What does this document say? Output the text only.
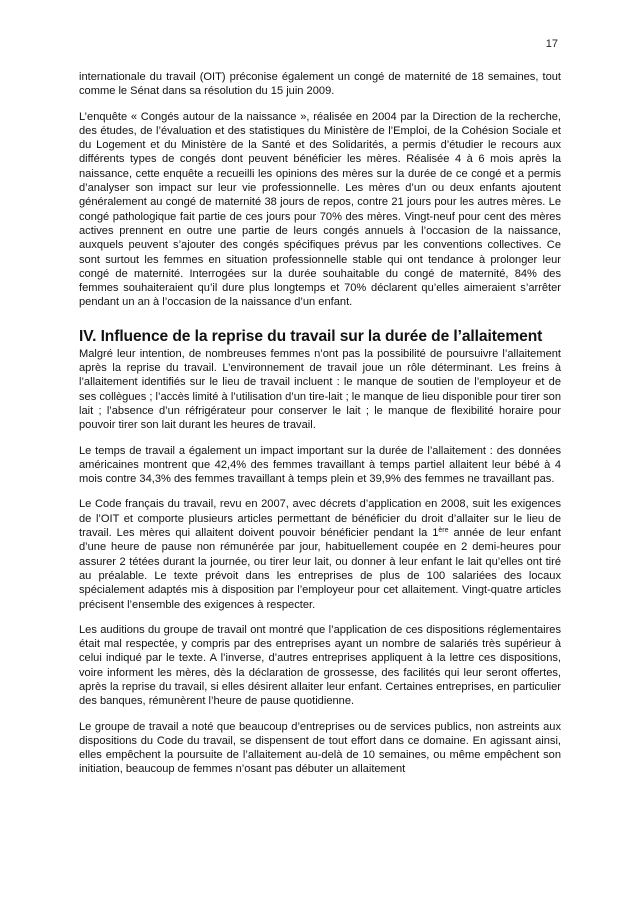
17

internationale du travail (OIT) préconise également un congé de maternité de 18 semaines, tout comme le Sénat dans sa résolution du 15 juin 2009.

L’enquête « Congés autour de la naissance », réalisée en 2004 par la Direction de la recherche, des études, de l’évaluation et des statistiques du Ministère de l’Emploi, de la Cohésion Sociale et du Logement et du Ministère de la Santé et des Solidarités, a permis d’étudier le recours aux différents types de congés dont peuvent bénéficier les mères. Réalisée 4 à 6 mois après la naissance, cette enquête a recueilli les opinions des mères sur la durée de ce congé et a permis d’analyser son impact sur leur vie professionnelle. Les mères d’un ou deux enfants ajoutent généralement au congé de maternité 38 jours de repos, contre 21 jours pour les autres mères. Le congé pathologique fait partie de ces jours pour 70% des mères. Vingt-neuf pour cent des mères actives prennent en outre une partie de leurs congés annuels à l’occasion de la naissance, auxquels peuvent s’ajouter des congés spécifiques prévus par les conventions collectives. Ce sont surtout les femmes en situation professionnelle stable qui ont tendance à prolonger leur congé de maternité. Interrogées sur la durée souhaitable du congé de maternité, 84% des femmes souhaiteraient qu’il dure plus longtemps et 70% déclarent qu’elles aimeraient s’arrêter pendant un an à l’occasion de la naissance d’un enfant.

IV. Influence de la reprise du travail sur la durée de l’allaitement

Malgré leur intention, de nombreuses femmes n’ont pas la possibilité de poursuivre l’allaitement après la reprise du travail. L’environnement de travail joue un rôle déterminant. Les freins à l’allaitement identifiés sur le lieu de travail incluent : le manque de soutien de l’employeur et de ses collègues ; l’accès limité à l’utilisation d’un tire-lait ; le manque de lieu disponible pour tirer son lait ; l’absence d’un réfrigérateur pour conserver le lait ; le manque de flexibilité horaire pour pouvoir tirer son lait durant les heures de travail.

Le temps de travail a également un impact important sur la durée de l’allaitement : des données américaines montrent que 42,4% des femmes travaillant à temps partiel allaitent leur bébé à 4 mois contre 34,3% des femmes travaillant à temps plein et 39,9% des femmes ne travaillant pas.

Le Code français du travail, revu en 2007, avec décrets d’application en 2008, suit les exigences de l’OIT et comporte plusieurs articles permettant de bénéficier du droit d’allaiter sur le lieu de travail. Les mères qui allaitent doivent pouvoir bénéficier pendant la 1ère année de leur enfant d’une heure de pause non rémunérée par jour, habituellement coupée en 2 demi-heures pour assurer 2 tétées durant la journée, ou tirer leur lait, ou donner à leur enfant le lait qu’elles ont tiré au préalable. Le texte prévoit dans les entreprises de plus de 100 salariées des locaux spécialement adaptés mis à disposition par l’employeur pour cet allaitement. Vingt-quatre articles précisent l’ensemble des exigences à respecter.

Les auditions du groupe de travail ont montré que l’application de ces dispositions réglementaires était mal respectée, y compris par des entreprises ayant un nombre de salariés très supérieur à celui indiqué par le texte. A l’inverse, d’autres entreprises appliquent à la lettre ces dispositions, voire informent les mères, dès la déclaration de grossesse, des facilités qui leur seront offertes, après la reprise du travail, si elles désirent allaiter leur enfant. Certaines entreprises, en particulier des banques, rémunèrent l’heure de pause quotidienne.

Le groupe de travail a noté que beaucoup d’entreprises ou de services publics, non astreints aux dispositions du Code du travail, se dispensent de tout effort dans ce domaine. En agissant ainsi, elles empêchent la poursuite de l’allaitement au-delà de 10 semaines, ou même empêchent son initiation, beaucoup de femmes n’osant pas débuter un allaitement
